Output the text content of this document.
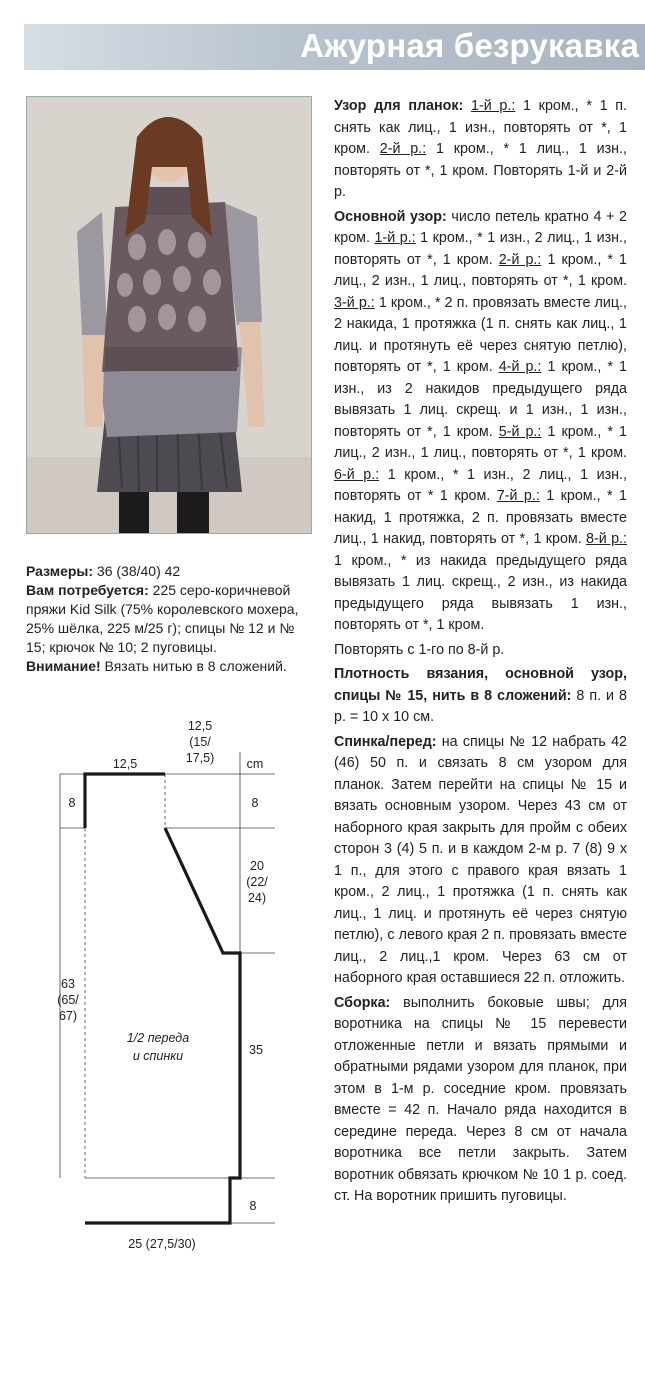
Ажурная безрукавка

Размеры: 36 (38/40) 42

Вам потребуется: 225 серо-коричневой пряжи Kid Silk (75% королевского мохера, 25% шёлка, 225 м/25 г); спицы № 12 и № 15; крючок № 10; 2 пуговицы.

Внимание! Вязать нитью в 8 сложений.

Узор для планок: 1-й р.: 1 кром., * 1 п. снять как лиц., 1 изн., повторять от *, 1 кром. 2-й р.: 1 кром., * 1 лиц., 1 изн., повторять от *, 1 кром. Повторять 1-й и 2-й р.

Основной узор: число петель кратно 4 + 2 кром. 1-й р.: 1 кром., * 1 изн., 2 лиц., 1 изн., повторять от *, 1 кром. 2-й р.: 1 кром., * 1 лиц., 2 изн., 1 лиц., повторять от *, 1 кром. 3-й р.: 1 кром., * 2 п. провязать вместе лиц., 2 накида, 1 протяжка (1 п. снять как лиц., 1 лиц. и протянуть её через снятую петлю), повторять от *, 1 кром. 4-й р.: 1 кром., * 1 изн., из 2 накидов предыдущего ряда вывязать 1 лиц. скрещ. и 1 изн., 1 изн., повторять от *, 1 кром. 5-й р.: 1 кром., * 1 лиц., 2 изн., 1 лиц., повторять от *, 1 кром. 6-й р.: 1 кром., * 1 изн., 2 лиц., 1 изн., повторять от * 1 кром. 7-й р.: 1 кром., * 1 накид, 1 протяжка, 2 п. провязать вместе лиц., 1 накид, повторять от *, 1 кром. 8-й р.: 1 кром., * из накида предыдущего ряда вывязать 1 лиц. скрещ., 2 изн., из накида предыдущего ряда вывязать 1 изн., повторять от *, 1 кром.

Повторять с 1-го по 8-й р.

Плотность вязания, основной узор, спицы № 15, нить в 8 сложений: 8 п. и 8 р. = 10 х 10 см.

Спинка/перед: на спицы № 12 набрать 42 (46) 50 п. и связать 8 см узором для планок. Затем перейти на спицы № 15 и вязать основным узором. Через 43 см от наборного края закрыть для пройм с обеих сторон 3 (4) 5 п. и в каждом 2-м р. 7 (8) 9 x 1 п., для этого с правого края вязать 1 кром., 2 лиц., 1 протяжка (1 п. снять как лиц., 1 лиц. и протянуть её через снятую петлю), с левого края 2 п. провязать вместе лиц., 2 лиц.,1 кром. Через 63 см от наборного края оставшиеся 22 п. отложить.

Сборка: выполнить боковые швы; для воротника на спицы № 15 перевести отложенные петли и вязать прямыми и обратными рядами узором для планок, при этом в 1-м р. соседние кром. провязать вместе = 42 п. Начало ряда находится в середине переда. Через 8 см от начала воротника все петли закрыть. Затем воротник обвязать крючком № 10 1 р. соед. ст. На воротник пришить пуговицы.

12,5
12,5
(15/
17,5)	cm
8	8
20
(22/
24)
63
(65/
67)
1/2 переда
и спинки	35
8
25 (27,5/30)
